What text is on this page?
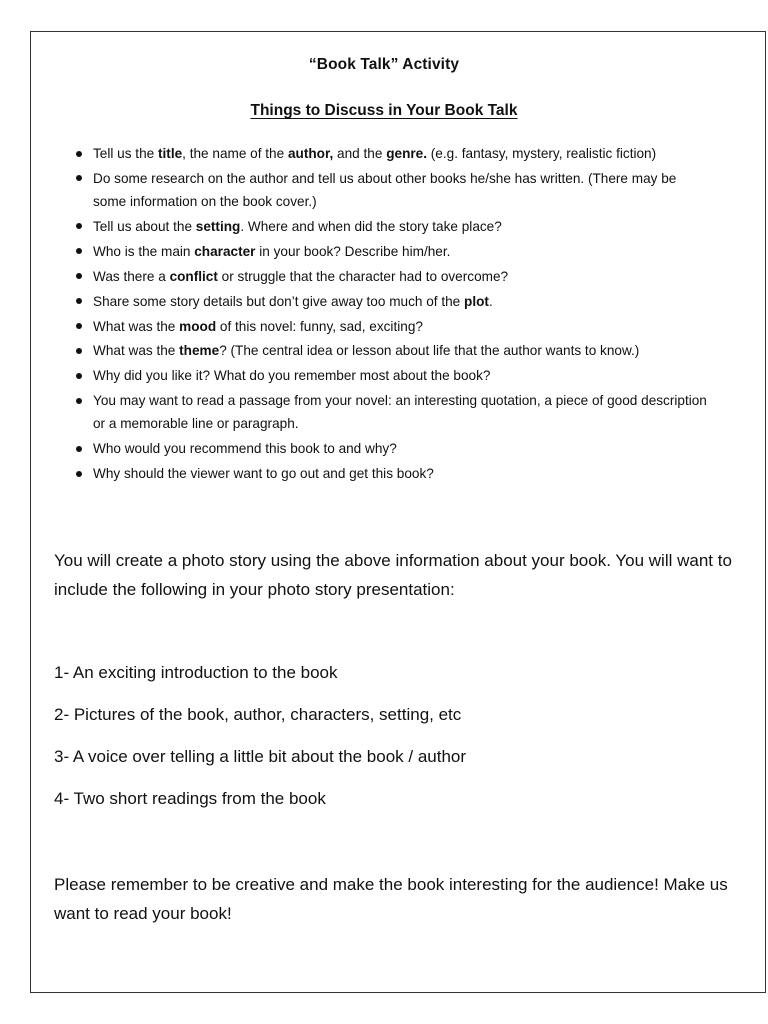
“Book Talk” Activity
Things to Discuss in Your Book Talk
Tell us the title, the name of the author, and the genre. (e.g. fantasy, mystery, realistic fiction)
Do some research on the author and tell us about other books he/she has written. (There may be some information on the book cover.)
Tell us about the setting. Where and when did the story take place?
Who is the main character in your book? Describe him/her.
Was there a conflict or struggle that the character had to overcome?
Share some story details but don’t give away too much of the plot.
What was the mood of this novel: funny, sad, exciting?
What was the theme? (The central idea or lesson about life that the author wants to know.)
Why did you like it? What do you remember most about the book?
You may want to read a passage from your novel: an interesting quotation, a piece of good description or a memorable line or paragraph.
Who would you recommend this book to and why?
Why should the viewer want to go out and get this book?

You will create a photo story using the above information about your book. You will want to include the following in your photo story presentation:

1- An exciting introduction to the book

2- Pictures of the book, author, characters, setting, etc

3- A voice over telling a little bit about the book / author

4- Two short readings from the book

Please remember to be creative and make the book interesting for the audience! Make us want to read your book!
